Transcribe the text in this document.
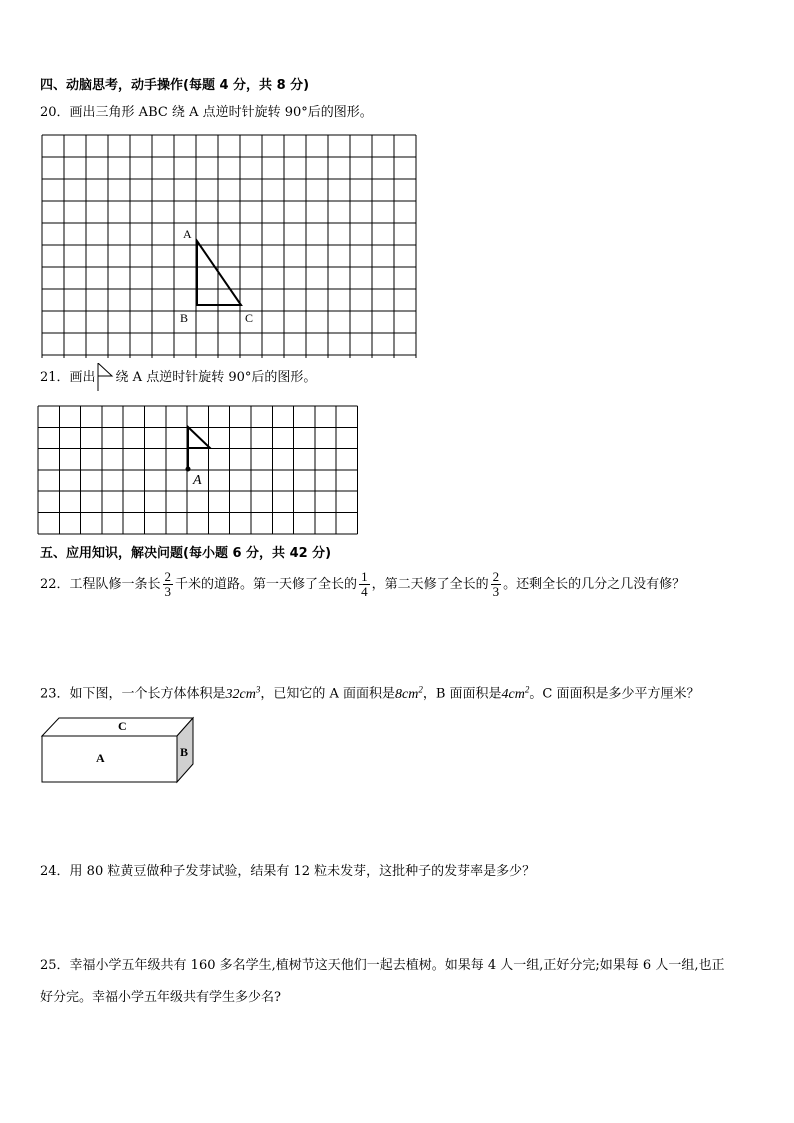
四、动脑思考，动手操作(每题 4 分，共 8 分)
20．画出三角形 ABC 绕 A 点逆时针旋转 90°后的图形。
A
B	C
21．画出 绕 A 点逆时针旋转 90°后的图形。
A
五、应用知识，解决问题(每小题 6 分，共 42 分)
22．工程队修一条长 $\frac{2}{3}$ 千米的道路。第一天修了全长的 $\frac{1}{4}$ ，第二天修了全长的 $\frac{2}{3}$ 。还剩全长的几分之几没有修？
23．如下图，一个长方体体积是$32cm^3$，已知它的 A 面面积是$8cm^2$，B 面面积是$4cm^2$。C 面面积是多少平方厘米？
C
A	B
24．用 80 粒黄豆做种子发芽试验，结果有 12 粒未发芽，这批种子的发芽率是多少？
25．幸福小学五年级共有 160 多名学生,植树节这天他们一起去植树。如果每 4 人一组,正好分完;如果每 6 人一组,也正
好分完。幸福小学五年级共有学生多少名?
